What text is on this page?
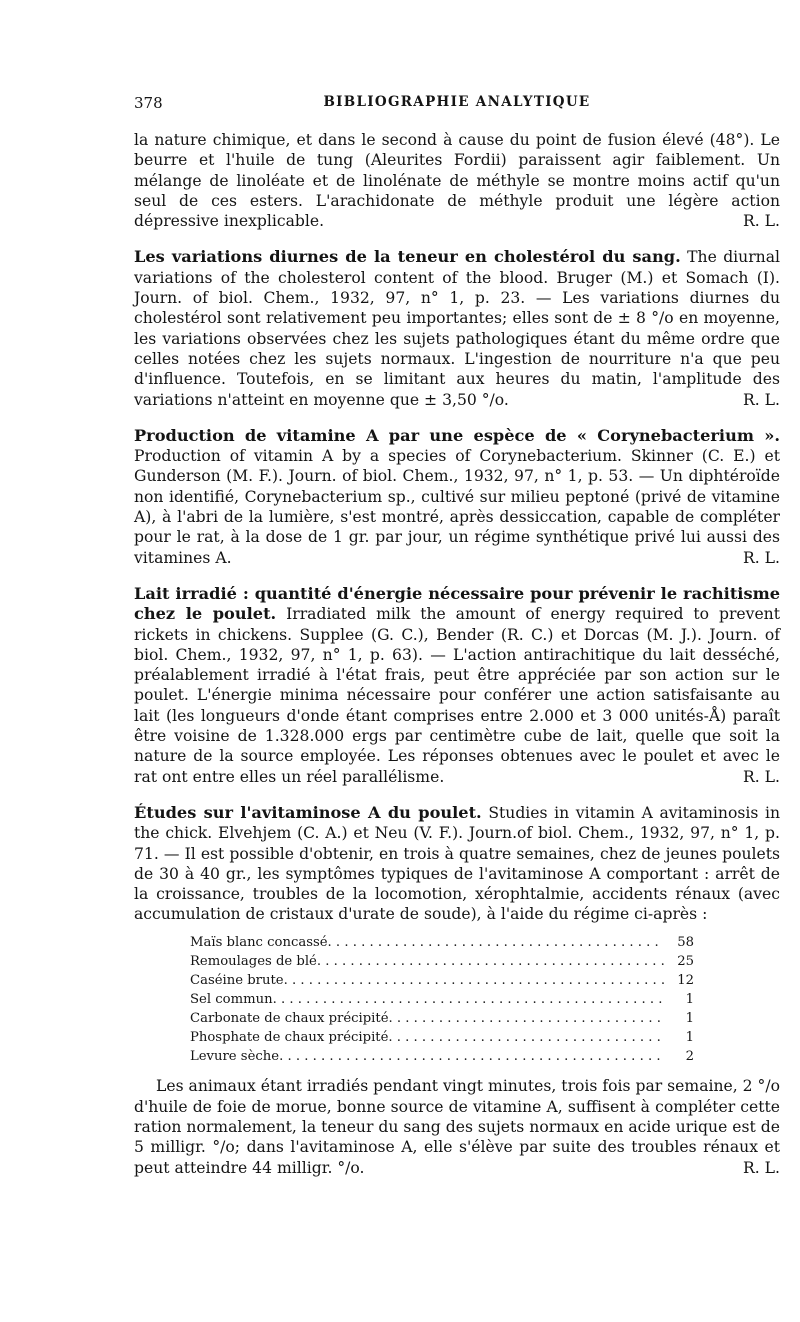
378	BIBLIOGRAPHIE ANALYTIQUE

la nature chimique, et dans le second à cause du point de fusion élevé (48°). Le beurre et l'huile de tung (Aleurites Fordii) paraissent agir faiblement. Un mélange de linoléate et de linolénate de méthyle se montre moins actif qu'un seul de ces esters. L'arachidonate de méthyle produit une légère action dépressive inexplicable.	R. L.

Les variations diurnes de la teneur en cholestérol du sang. The diurnal variations of the cholesterol content of the blood. Bruger (M.) et Somach (I). Journ. of biol. Chem., 1932, 97, n° 1, p. 23. — Les variations diurnes du cholestérol sont relativement peu importantes; elles sont de ± 8 °/o en moyenne, les variations observées chez les sujets pathologiques étant du même ordre que celles notées chez les sujets normaux. L'ingestion de nourriture n'a que peu d'influence. Toutefois, en se limitant aux heures du matin, l'amplitude des variations n'atteint en moyenne que ± 3,50 °/o.	R. L.

Production de vitamine A par une espèce de « Corynebacterium ». Production of vitamin A by a species of Corynebacterium. Skinner (C. E.) et Gunderson (M. F.). Journ. of biol. Chem., 1932, 97, n° 1, p. 53. — Un diphtéroïde non identifié, Corynebacterium sp., cultivé sur milieu peptoné (privé de vitamine A), à l'abri de la lumière, s'est montré, après dessiccation, capable de compléter pour le rat, à la dose de 1 gr. par jour, un régime synthétique privé lui aussi des vitamines A.	R. L.

Lait irradié : quantité d'énergie nécessaire pour prévenir le rachitisme chez le poulet. Irradiated milk the amount of energy required to prevent rickets in chickens. Supplee (G. C.), Bender (R. C.) et Dorcas (M. J.). Journ. of biol. Chem., 1932, 97, n° 1, p. 63). — L'action antirachitique du lait desséché, préalablement irradié à l'état frais, peut être appréciée par son action sur le poulet. L'énergie minima nécessaire pour conférer une action satisfaisante au lait (les longueurs d'onde étant comprises entre 2.000 et 3 000 unités-Å) paraît être voisine de 1.328.000 ergs par centimètre cube de lait, quelle que soit la nature de la source employée. Les réponses obtenues avec le poulet et avec le rat ont entre elles un réel parallélisme.	R. L.

Études sur l'avitaminose A du poulet. Studies in vitamin A avitaminosis in the chick. Elvehjem (C. A.) et Neu (V. F.). Journ.of biol. Chem., 1932, 97, n° 1, p. 71. — Il est possible d'obtenir, en trois à quatre semaines, chez de jeunes poulets de 30 à 40 gr., les symptômes typiques de l'avitaminose A comportant : arrêt de la croissance, troubles de la locomotion, xérophtalmie, accidents rénaux (avec accumulation de cristaux d'urate de soude), à l'aide du régime ci-après :

Maïs blanc concassé . . .	58
Remoulages de blé . . .	25
Caséine brute . . .	12
Sel commun . . .	1
Carbonate de chaux précipité . . .	1
Phosphate de chaux précipité . . .	1
Levure sèche . . .	2

Les animaux étant irradiés pendant vingt minutes, trois fois par semaine, 2 °/o d'huile de foie de morue, bonne source de vitamine A, suffisent à compléter cette ration normalement, la teneur du sang des sujets normaux en acide urique est de 5 milligr. °/o; dans l'avitaminose A, elle s'élève par suite des troubles rénaux et peut atteindre 44 milligr. °/o.	R. L.
